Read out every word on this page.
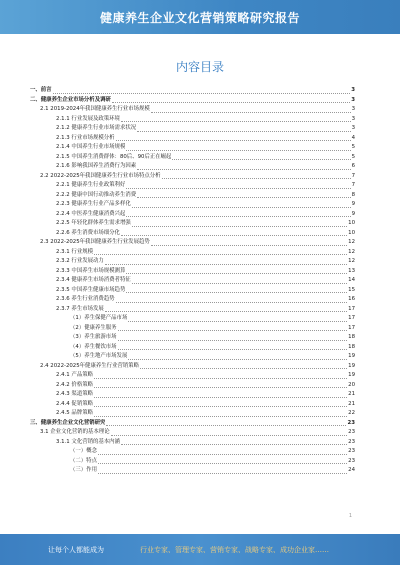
健康养生企业文化营销策略研究报告
内容目录
一、前言	3
二、健康养生企业市场分析及调研	3
2.1 2019-2024年我国健康养生行业市场规模	3
2.1.1 行业发展及政策环境	3
2.1.2 健康养生行业市场需求状况	3
2.1.3 行业市场规模分析	4
2.1.4 中国养生行业市场规模	5
2.1.5 中国养生消费群体：80后、90后正在崛起	5
2.1.6 影响我国养生消费行为因素	6
2.2 2022-2025年我国健康养生行业市场特点分析	7
2.2.1 健康养生行业政策利好	7
2.2.2 健康中国行动推动养生消费	8
2.2.3 健康养生行业产品多样化	9
2.2.4 中医养生健康消费兴起	9
2.2.5 年轻化群体养生需求增强	10
2.2.6 养生消费市场细分化	10
2.3 2022-2025年我国健康养生行业发展趋势	12
2.3.1 行业规模	12
2.3.2 行业发展动力	12
2.3.3 中国养生市场规模测算	13
2.3.4 健康养生市场消费者特征	14
2.3.5 中国养生健康市场趋势	15
2.3.6 养生行业消费趋势	16
2.3.7 养生市场发展	17
（1）养生保健产品市场	17
（2）健康养生服务	17
（3）养生旅游市场	18
（4）养生餐饮市场	18
（5）养生地产市场发展	19
2.4 2022-2025年健康养生行业营销策略	19
2.4.1 产品策略	19
2.4.2 价格策略	20
2.4.3 渠道策略	21
2.4.4 促销策略	21
2.4.5 品牌策略	22
三、健康养生企业文化营销研究	23
3.1 企业文化营销的基本理论	23
3.1.1 文化营销的基本内涵	23
（一）概念	23
（二）特点	23
（三）作用	24
1
让每个人都能成为	行业专家、管理专家、营销专家、战略专家、成功企业家……
